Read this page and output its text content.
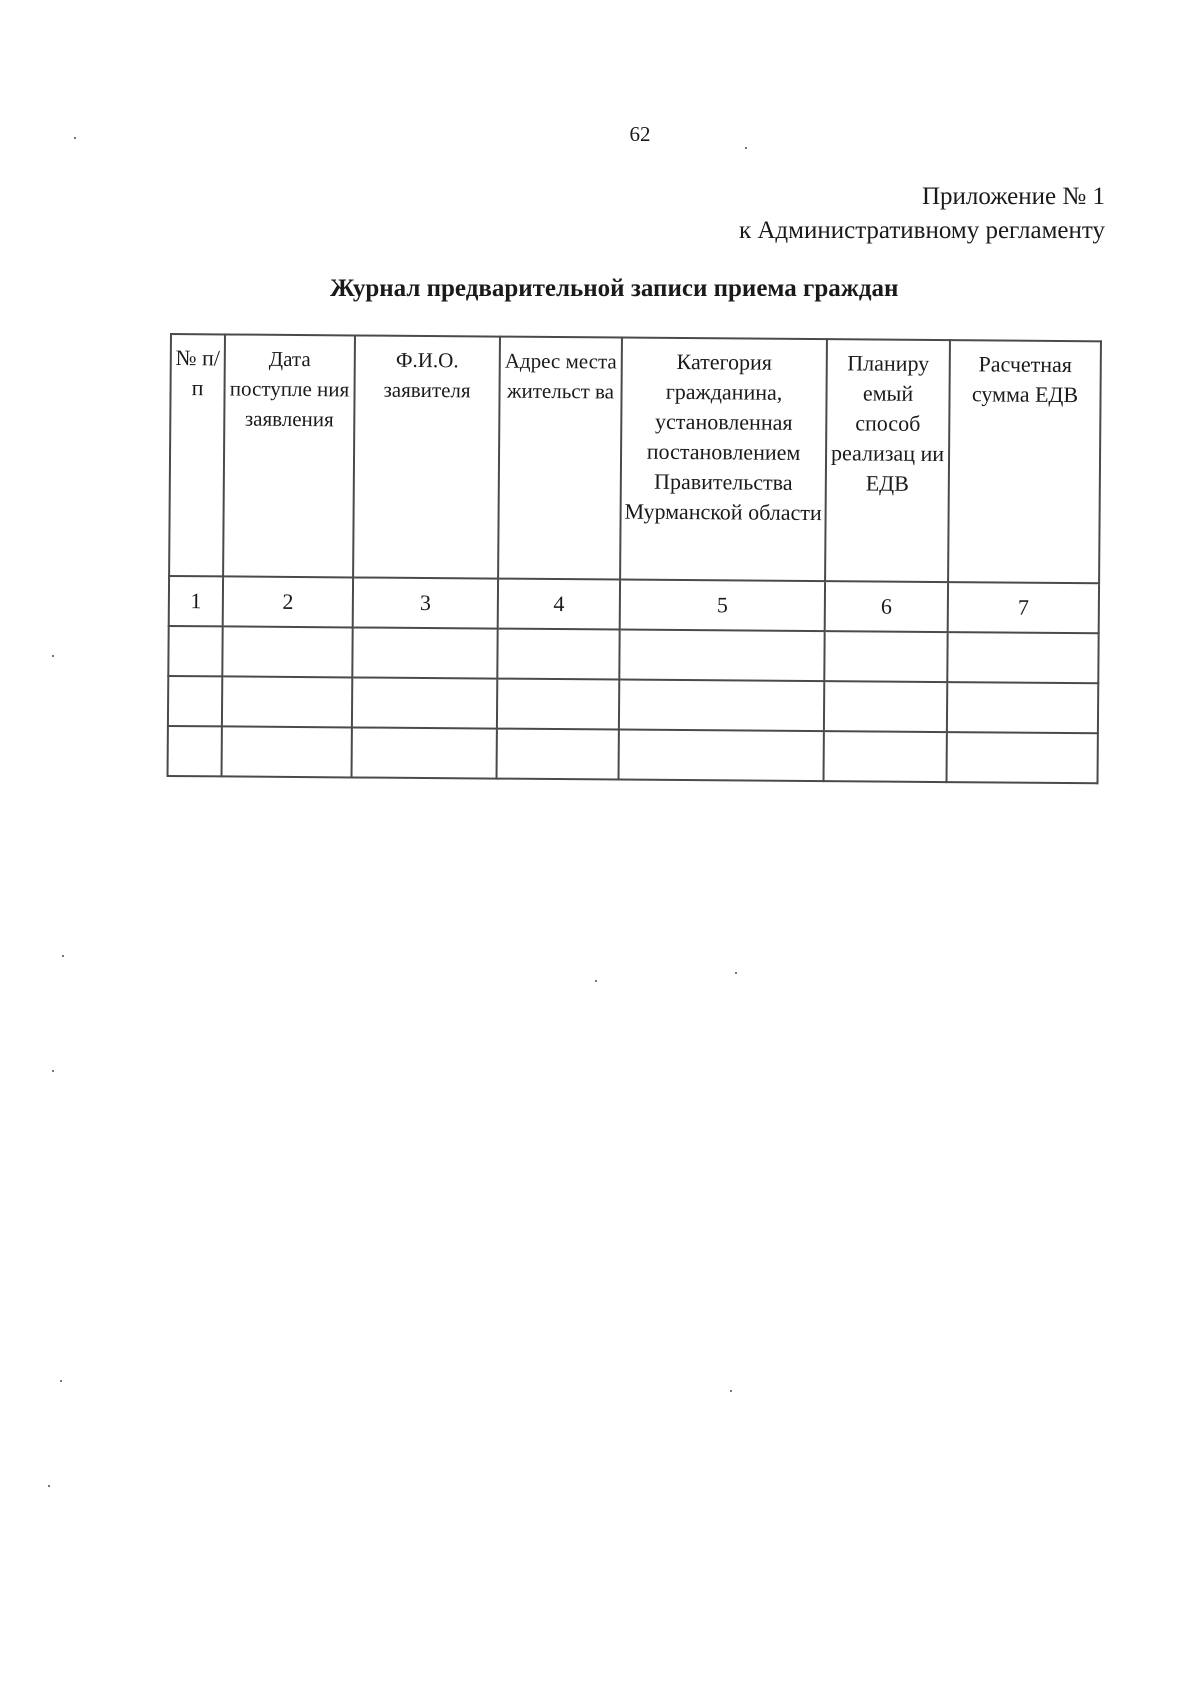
62
Приложение № 1
к Административному регламенту
Журнал предварительной записи приема граждан
№ п/п	Дата поступле ния заявления	Ф.И.О. заявителя	Адрес места жительст ва	Категория гражданина, установленная постановлением Правительства Мурманской области	Планиру емый способ реализац ии ЕДВ	Расчетная сумма ЕДВ
1	2	3	4	5	6	7
